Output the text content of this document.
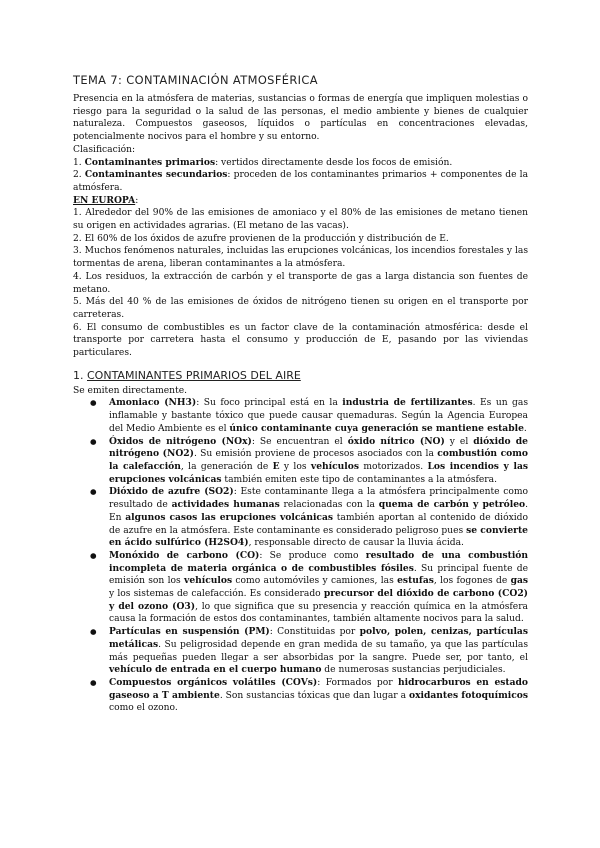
TEMA 7: CONTAMINACIÓN ATMOSFÉRICA

Presencia en la atmósfera de materias, sustancias o formas de energía que impliquen molestias o riesgo para la seguridad o la salud de las personas, el medio ambiente y bienes de cualquier naturaleza. Compuestos gaseosos, líquidos o partículas en concentraciones elevadas, potencialmente nocivos para el hombre y su entorno.

Clasificación:

1. Contaminantes primarios: vertidos directamente desde los focos de emisión.

2. Contaminantes secundarios: proceden de los contaminantes primarios + componentes de la atmósfera.

EN EUROPA:

1. Alrededor del 90% de las emisiones de amoniaco y el 80% de las emisiones de metano tienen su origen en actividades agrarias. (El metano de las vacas).

2. El 60% de los óxidos de azufre provienen de la producción y distribución de E.

3. Muchos fenómenos naturales, incluidas las erupciones volcánicas, los incendios forestales y las tormentas de arena, liberan contaminantes a la atmósfera.

4. Los residuos, la extracción de carbón y el transporte de gas a larga distancia son fuentes de metano.

5. Más del 40 % de las emisiones de óxidos de nitrógeno tienen su origen en el transporte por carreteras.

6. El consumo de combustibles es un factor clave de la contaminación atmosférica: desde el transporte por carretera hasta el consumo y producción de E, pasando por las viviendas particulares.

1. CONTAMINANTES PRIMARIOS DEL AIRE

Se emiten directamente.

● Amoniaco (NH3): Su foco principal está en la industria de fertilizantes. Es un gas inflamable y bastante tóxico que puede causar quemaduras. Según la Agencia Europea del Medio Ambiente es el único contaminante cuya generación se mantiene estable.
● Óxidos de nitrógeno (NOx): Se encuentran el óxido nítrico (NO) y el dióxido de nitrógeno (NO2). Su emisión proviene de procesos asociados con la combustión como la calefacción, la generación de E y los vehículos motorizados. Los incendios y las erupciones volcánicas también emiten este tipo de contaminantes a la atmósfera.
● Dióxido de azufre (SO2): Este contaminante llega a la atmósfera principalmente como resultado de actividades humanas relacionadas con la quema de carbón y petróleo. En algunos casos las erupciones volcánicas también aportan al contenido de dióxido de azufre en la atmósfera. Este contaminante es considerado peligroso pues se convierte en ácido sulfúrico (H2SO4), responsable directo de causar la lluvia ácida.
● Monóxido de carbono (CO): Se produce como resultado de una combustión incompleta de materia orgánica o de combustibles fósiles. Su principal fuente de emisión son los vehículos como automóviles y camiones, las estufas, los fogones de gas y los sistemas de calefacción. Es considerado precursor del dióxido de carbono (CO2) y del ozono (O3), lo que significa que su presencia y reacción química en la atmósfera causa la formación de estos dos contaminantes, también altamente nocivos para la salud.
● Partículas en suspensión (PM): Constituidas por polvo, polen, cenizas, partículas metálicas. Su peligrosidad depende en gran medida de su tamaño, ya que las partículas más pequeñas pueden llegar a ser absorbidas por la sangre. Puede ser, por tanto, el vehículo de entrada en el cuerpo humano de numerosas sustancias perjudiciales.
● Compuestos orgánicos volátiles (COVs): Formados por hidrocarburos en estado gaseoso a T ambiente. Son sustancias tóxicas que dan lugar a oxidantes fotoquímicos como el ozono.
